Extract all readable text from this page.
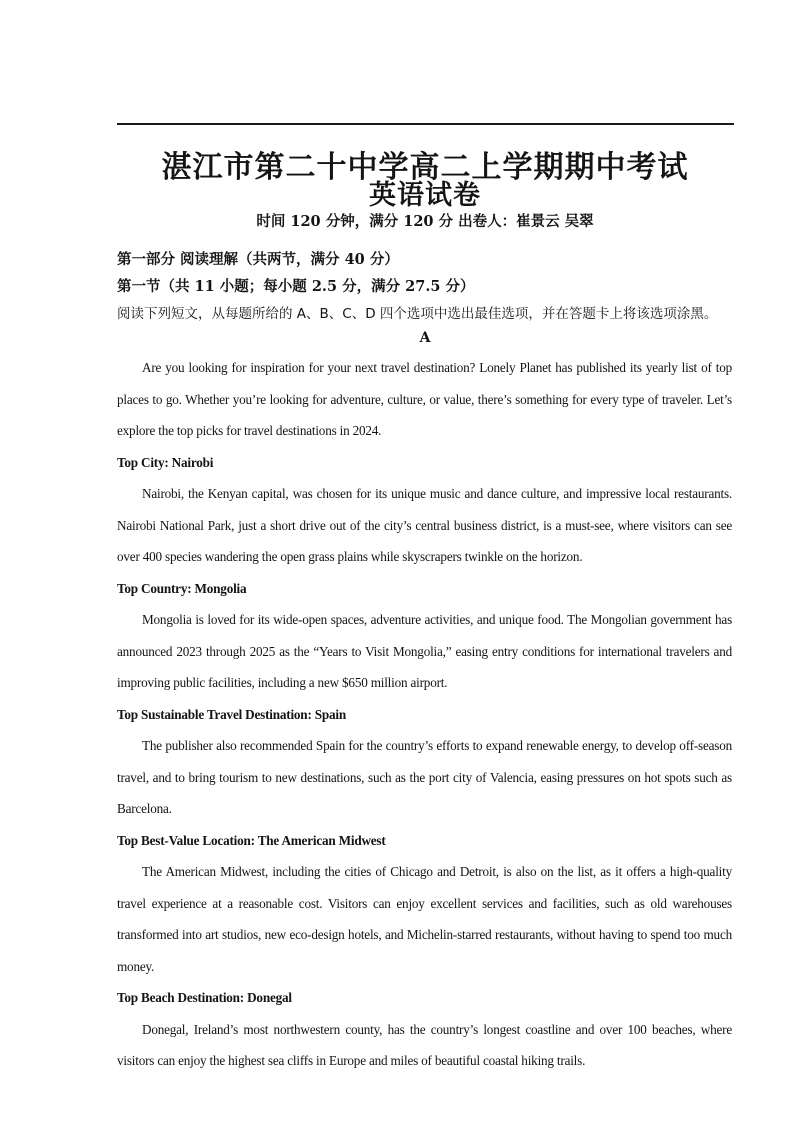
湛江市第二十中学高二上学期期中考试
英语试卷
时间 120 分钟，满分 120 分 出卷人：崔景云 吴翠
第一部分 阅读理解（共两节，满分 40 分）
第一节（共 11 小题；每小题 2.5 分，满分 27.5 分）
阅读下列短文，从每题所给的 A、B、C、D 四个选项中选出最佳选项，并在答题卡上将该选项涂黑。
A

Are you looking for inspiration for your next travel destination? Lonely Planet has published its yearly list of top places to go. Whether you’re looking for adventure, culture, or value, there’s something for every type of traveler. Let’s explore the top picks for travel destinations in 2024.

Top City: Nairobi

Nairobi, the Kenyan capital, was chosen for its unique music and dance culture, and impressive local restaurants. Nairobi National Park, just a short drive out of the city’s central business district, is a must-see, where visitors can see over 400 species wandering the open grass plains while skyscrapers twinkle on the horizon.

Top Country: Mongolia

Mongolia is loved for its wide-open spaces, adventure activities, and unique food. The Mongolian government has announced 2023 through 2025 as the “Years to Visit Mongolia,” easing entry conditions for international travelers and improving public facilities, including a new $650 million airport.

Top Sustainable Travel Destination: Spain

The publisher also recommended Spain for the country’s efforts to expand renewable energy, to develop off-season travel, and to bring tourism to new destinations, such as the port city of Valencia, easing pressures on hot spots such as Barcelona.

Top Best-Value Location: The American Midwest

The American Midwest, including the cities of Chicago and Detroit, is also on the list, as it offers a high-quality travel experience at a reasonable cost. Visitors can enjoy excellent services and facilities, such as old warehouses transformed into art studios, new eco-design hotels, and Michelin-starred restaurants, without having to spend too much money.

Top Beach Destination: Donegal

Donegal, Ireland’s most northwestern county, has the country’s longest coastline and over 100 beaches, where visitors can enjoy the highest sea cliffs in Europe and miles of beautiful coastal hiking trails.
